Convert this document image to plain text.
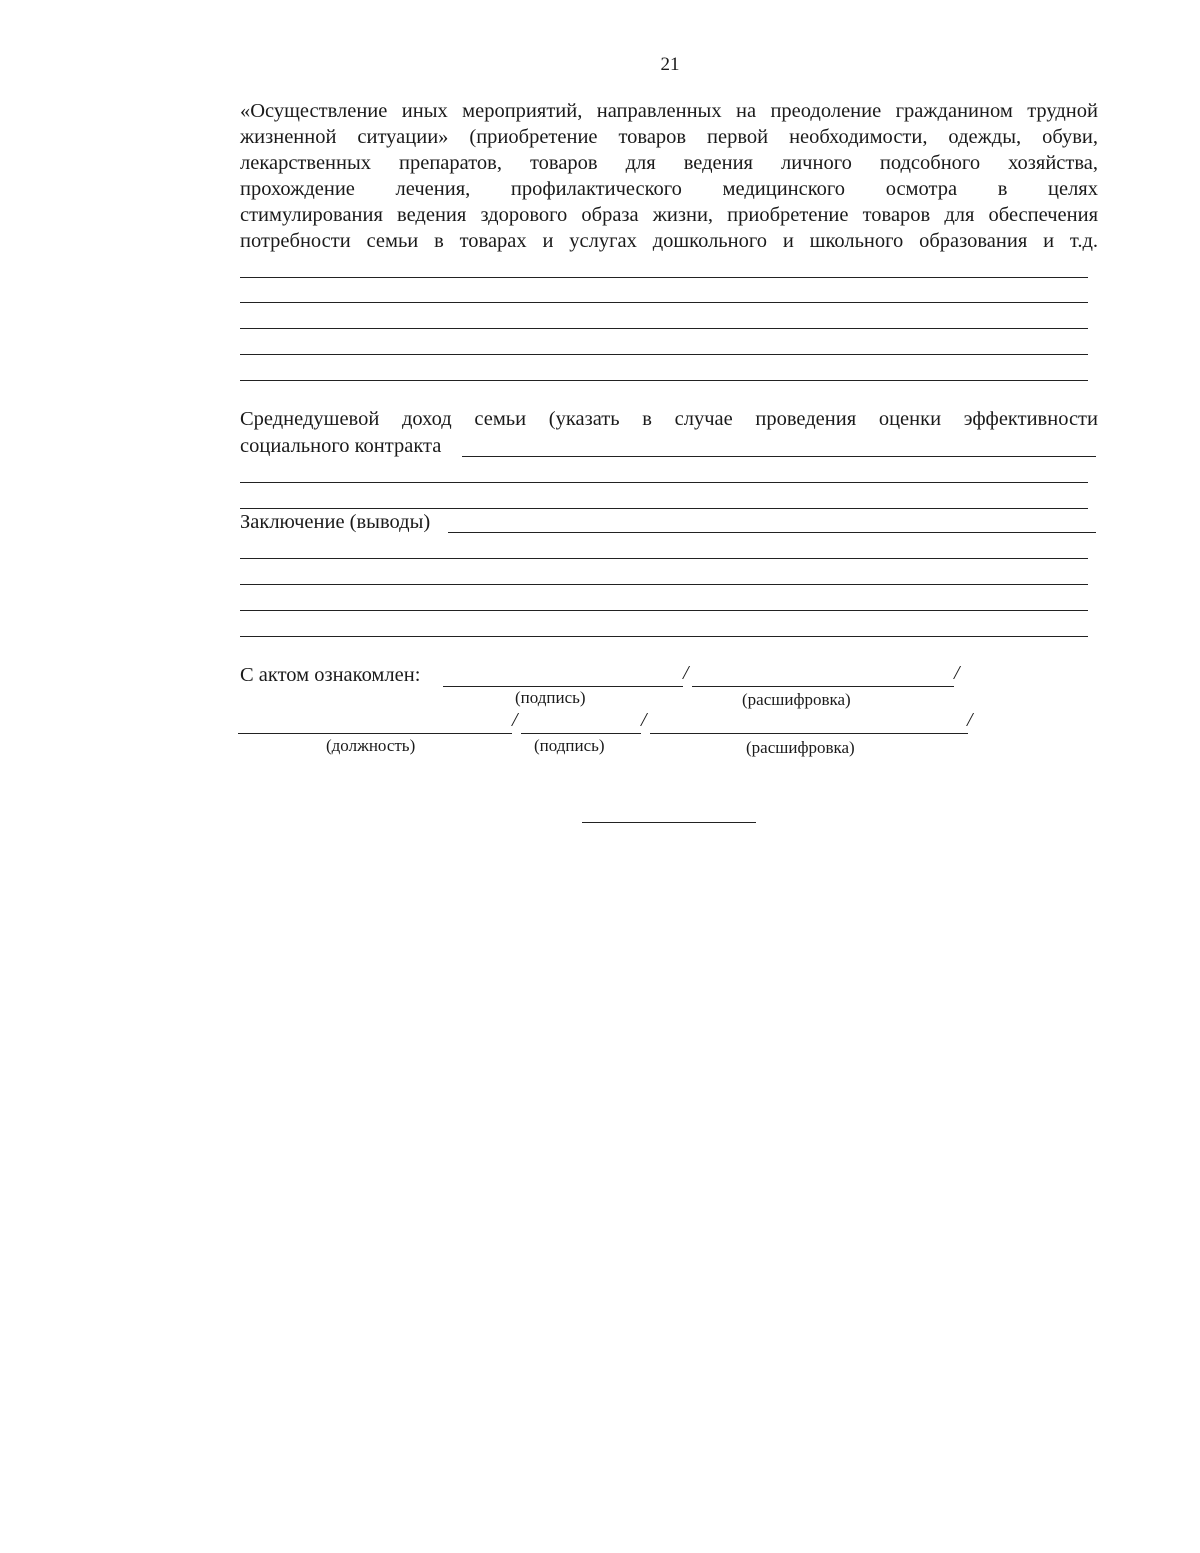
21
«Осуществление иных мероприятий, направленных на преодоление гражданином трудной
жизненной ситуации» (приобретение товаров первой необходимости, одежды, обуви,
лекарственных препаратов, товаров для ведения личного подсобного хозяйства,
прохождение лечения, профилактического медицинского осмотра в целях
стимулирования ведения здорового образа жизни, приобретение товаров для обеспечения
потребности семьи в товарах и услугах дошкольного и школьного образования и т.д.
Среднедушевой доход семьи (указать в случае проведения оценки эффективности
социального контракта
Заключение (выводы)
С актом ознакомлен:	/	/
(подпись)	(расшифровка)
/	/	/
(должность)	(подпись)	(расшифровка)
